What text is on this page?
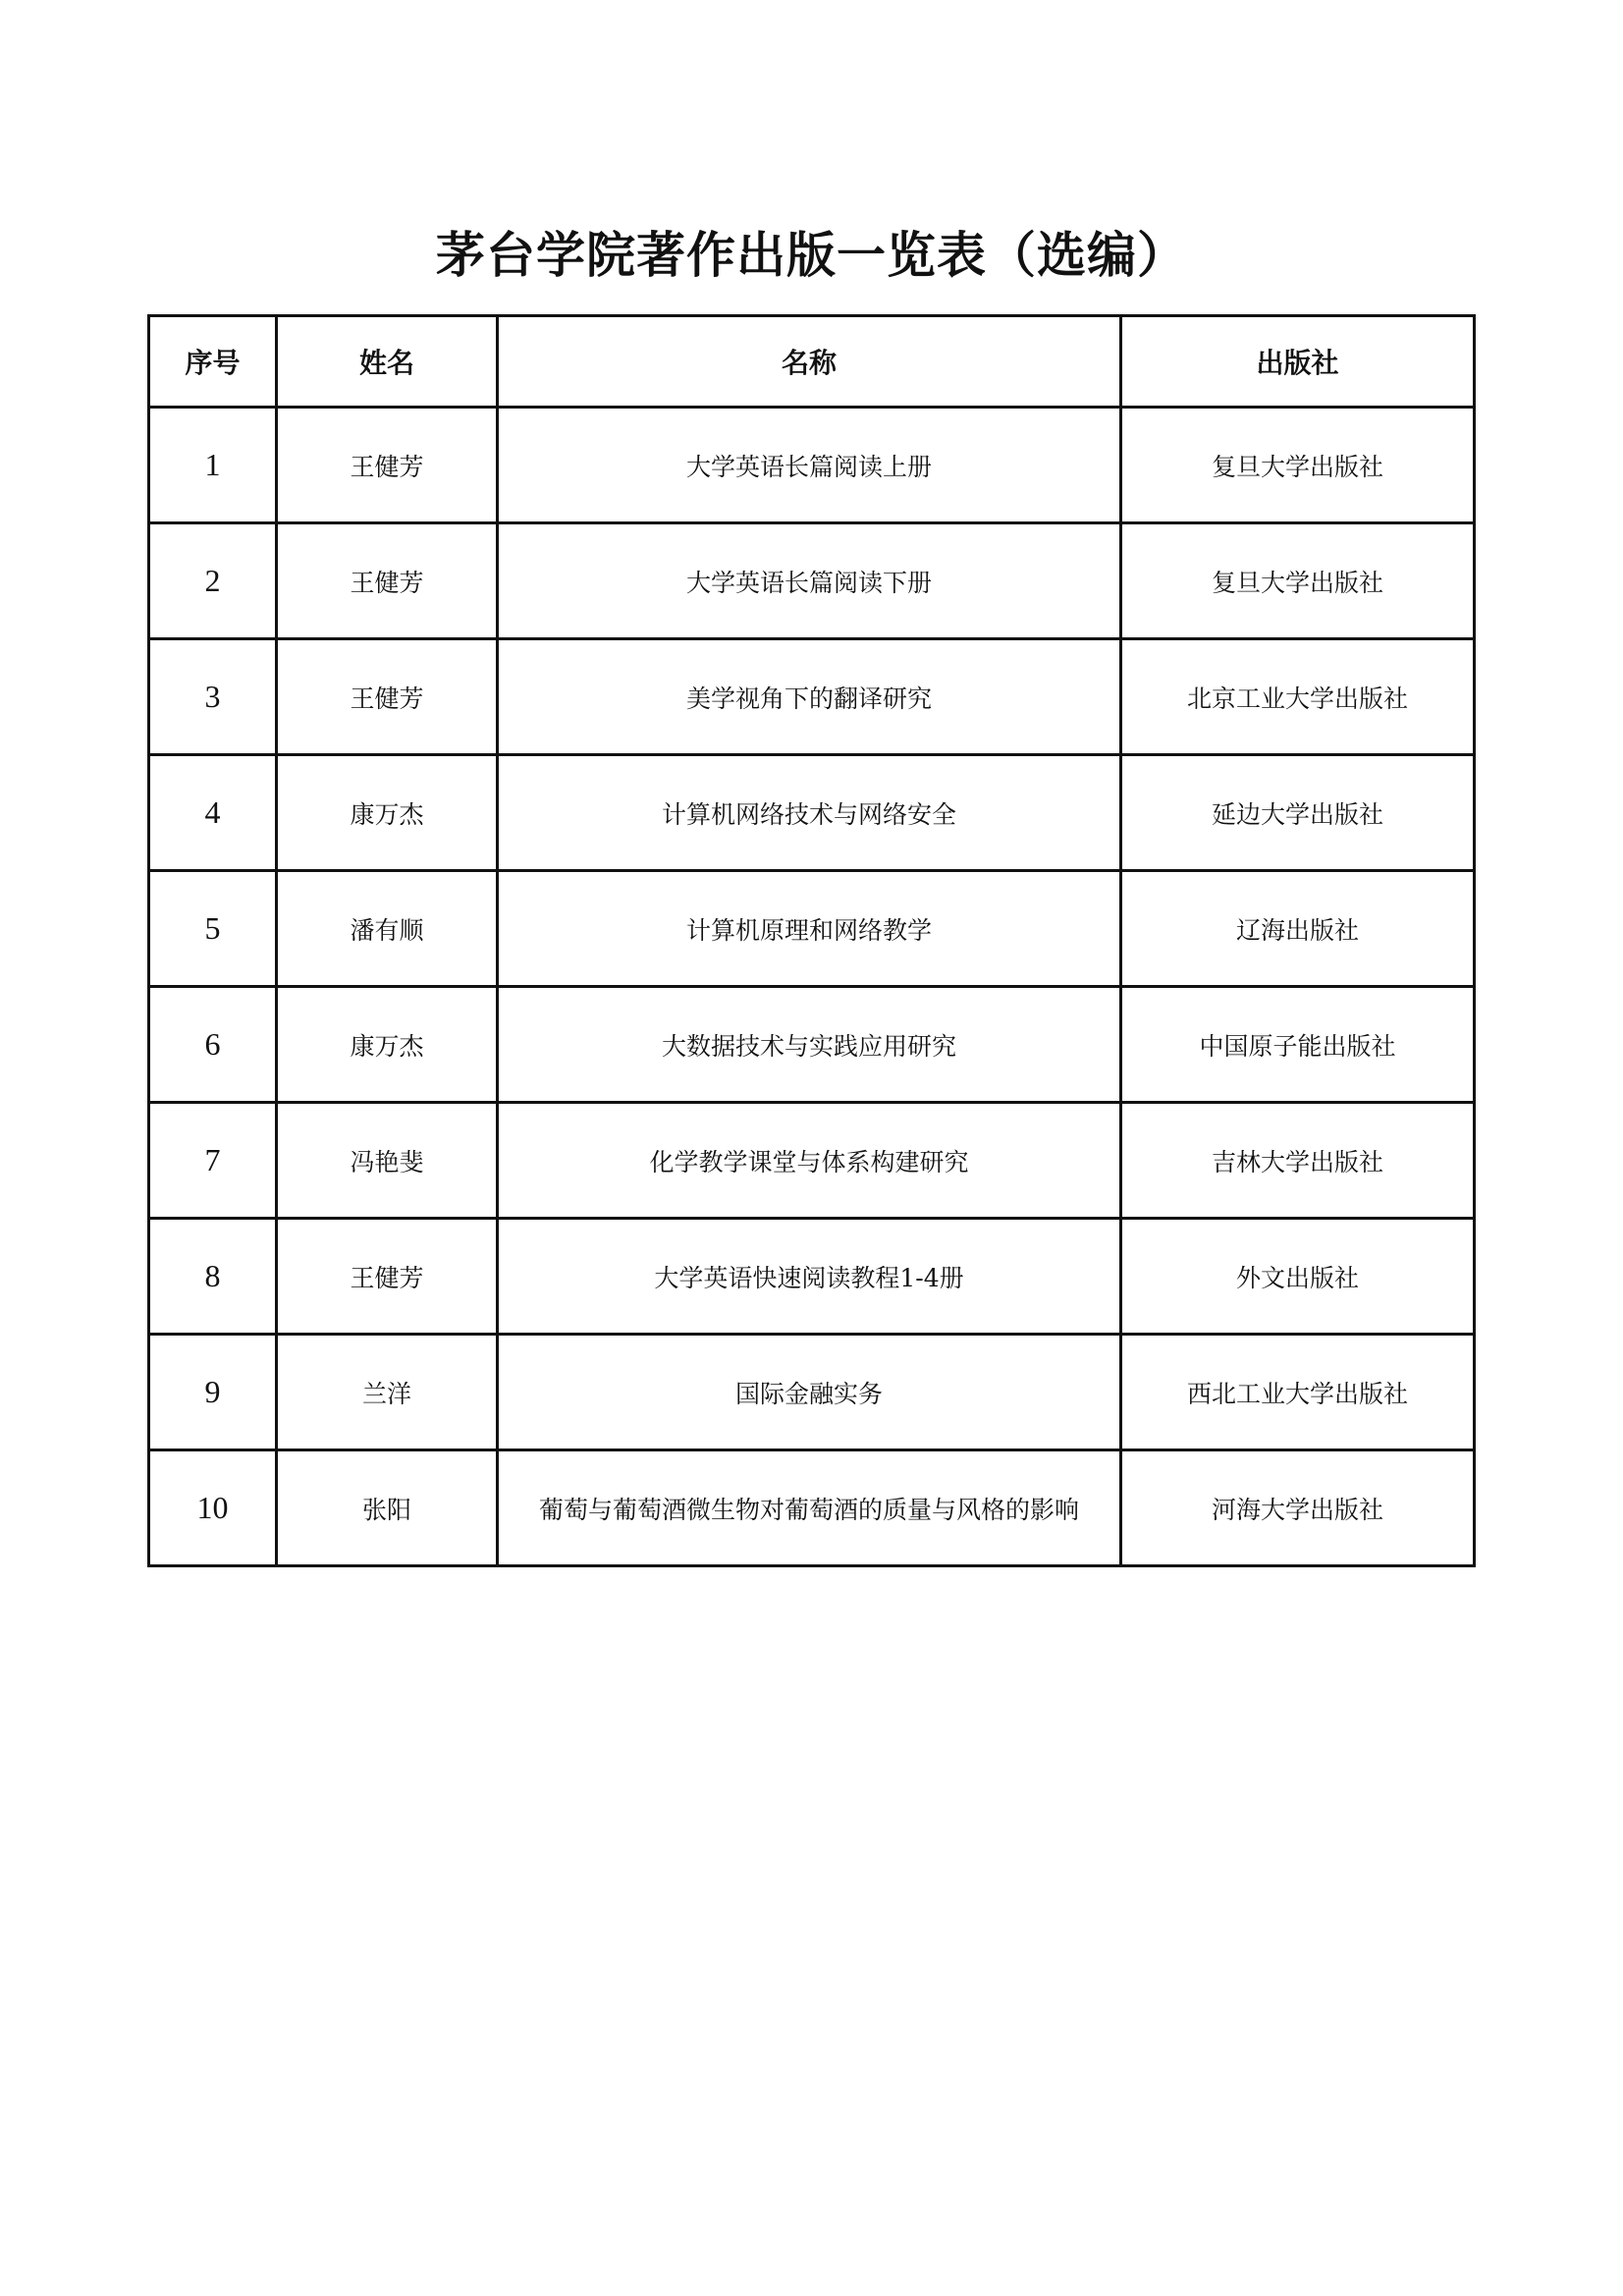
茅台学院著作出版一览表（选编）
序号	姓名	名称	出版社
1	王健芳	大学英语长篇阅读上册	复旦大学出版社
2	王健芳	大学英语长篇阅读下册	复旦大学出版社
3	王健芳	美学视角下的翻译研究	北京工业大学出版社
4	康万杰	计算机网络技术与网络安全	延边大学出版社
5	潘有顺	计算机原理和网络教学	辽海出版社
6	康万杰	大数据技术与实践应用研究	中国原子能出版社
7	冯艳斐	化学教学课堂与体系构建研究	吉林大学出版社
8	王健芳	大学英语快速阅读教程1-4册	外文出版社
9	兰洋	国际金融实务	西北工业大学出版社
10	张阳	葡萄与葡萄酒微生物对葡萄酒的质量与风格的影响	河海大学出版社
